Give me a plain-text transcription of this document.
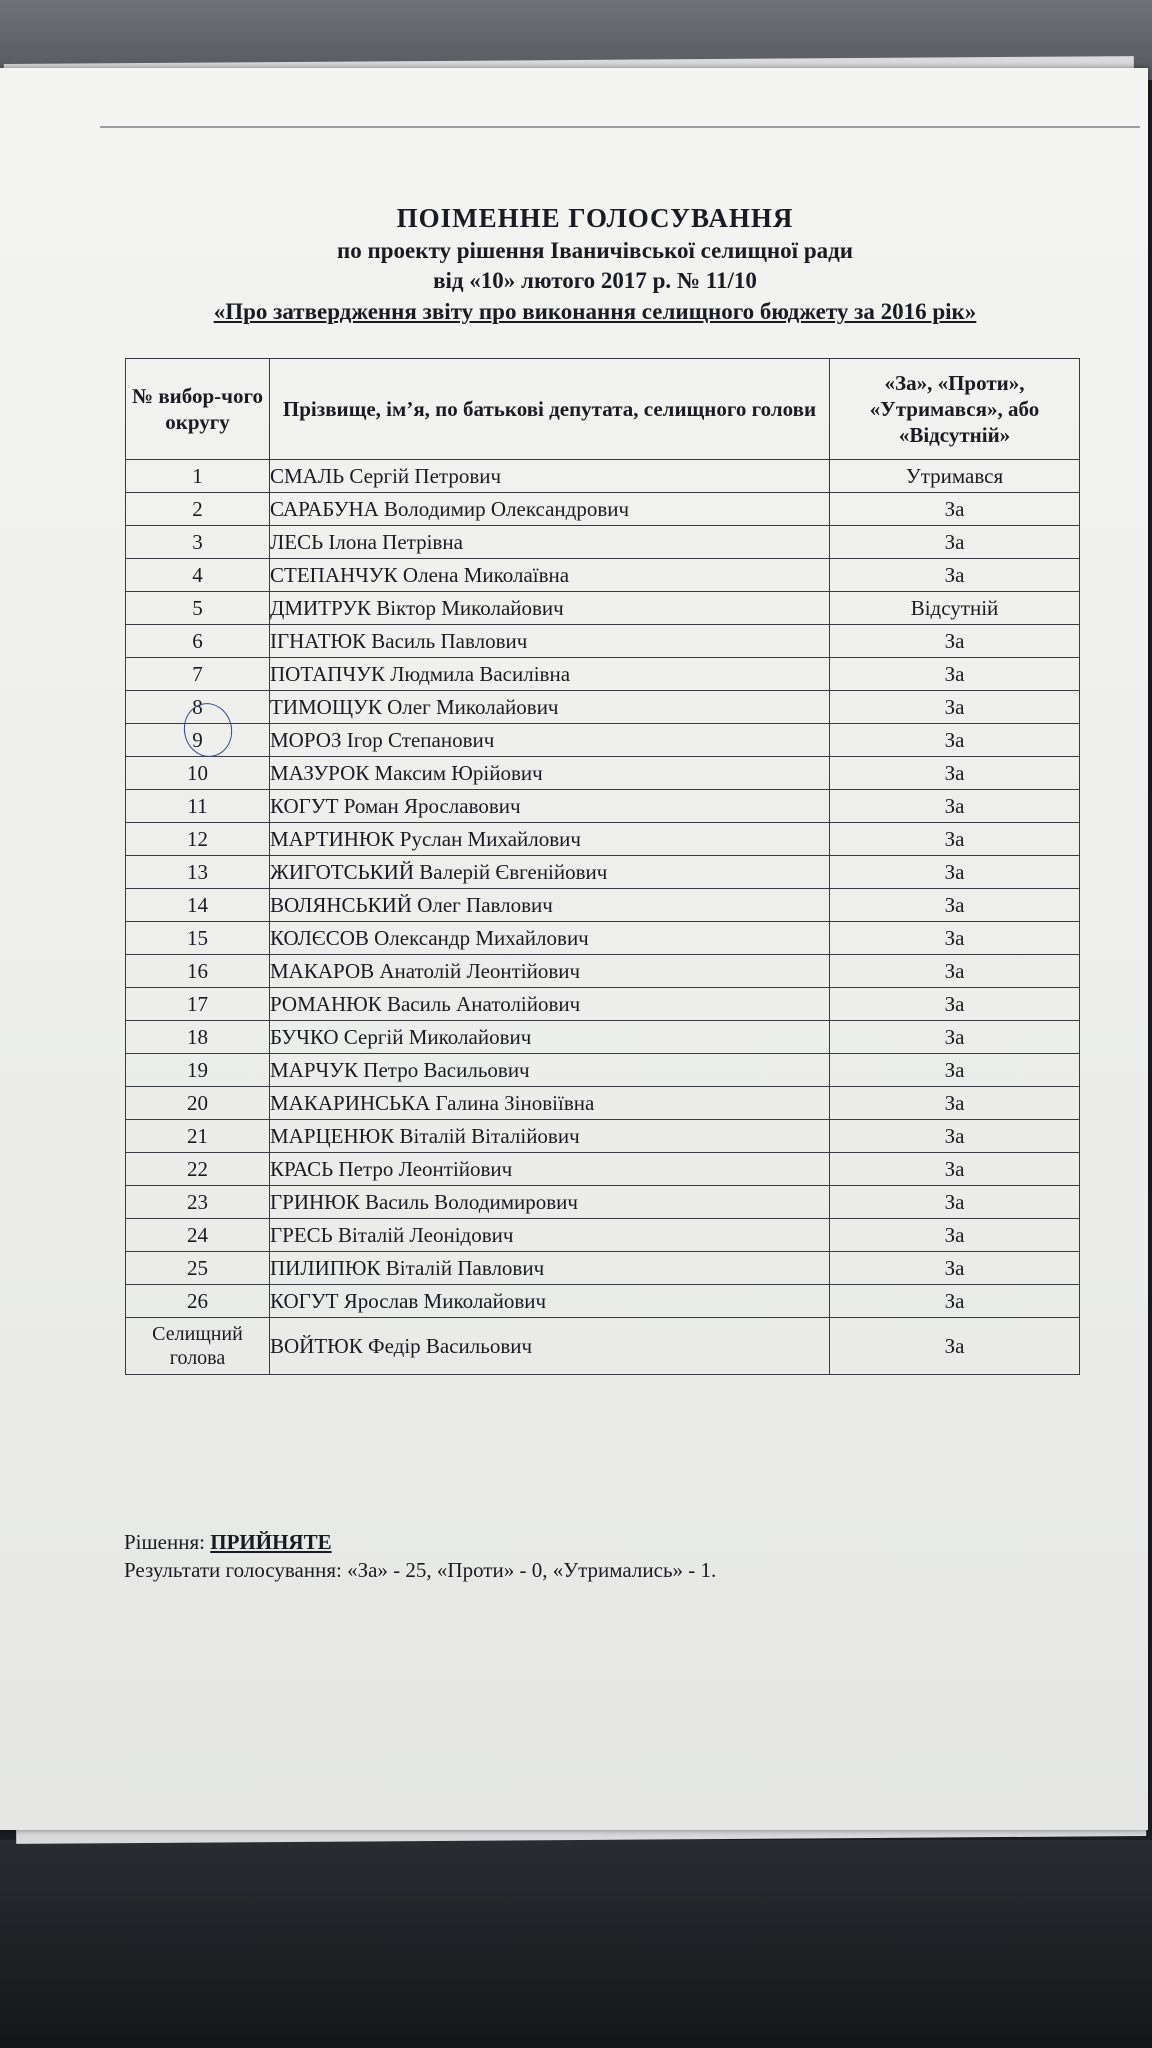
ПОІМЕННЕ ГОЛОСУВАННЯ
по проекту рішення Іваничівської селищної ради
від «10» лютого 2017 р. № 11/10
«Про затвердження звіту про виконання селищного бюджету за 2016 рік»
№ вибор-чого округу	Прізвище, ім’я, по батькові депутата, селищного голови	«За», «Проти», «Утримався», або «Відсутній»
1	СМАЛЬ Сергій Петрович	Утримався
2	САРАБУНА Володимир Олександрович	За
3	ЛЕСЬ Ілона Петрівна	За
4	СТЕПАНЧУК Олена Миколаївна	За
5	ДМИТРУК Віктор Миколайович	Відсутній
6	ІГНАТЮК Василь Павлович	За
7	ПОТАПЧУК Людмила Василівна	За
8	ТИМОЩУК Олег Миколайович	За
9	МОРОЗ Ігор Степанович	За
10	МАЗУРОК Максим Юрійович	За
11	КОГУТ Роман Ярославович	За
12	МАРТИНЮК Руслан Михайлович	За
13	ЖИГОТСЬКИЙ Валерій Євгенійович	За
14	ВОЛЯНСЬКИЙ Олег Павлович	За
15	КОЛЄСОВ Олександр Михайлович	За
16	МАКАРОВ Анатолій Леонтійович	За
17	РОМАНЮК Василь Анатолійович	За
18	БУЧКО Сергій Миколайович	За
19	МАРЧУК Петро Васильович	За
20	МАКАРИНСЬКА Галина Зіновіївна	За
21	МАРЦЕНЮК Віталій Віталійович	За
22	КРАСЬ Петро Леонтійович	За
23	ГРИНЮК Василь Володимирович	За
24	ГРЕСЬ Віталій Леонідович	За
25	ПИЛИПЮК Віталій Павлович	За
26	КОГУТ Ярослав Миколайович	За
Селищний голова	ВОЙТЮК Федір Васильович	За
Рішення: ПРИЙНЯТЕ
Результати голосування: «За» - 25, «Проти» - 0, «Утримались» - 1.
